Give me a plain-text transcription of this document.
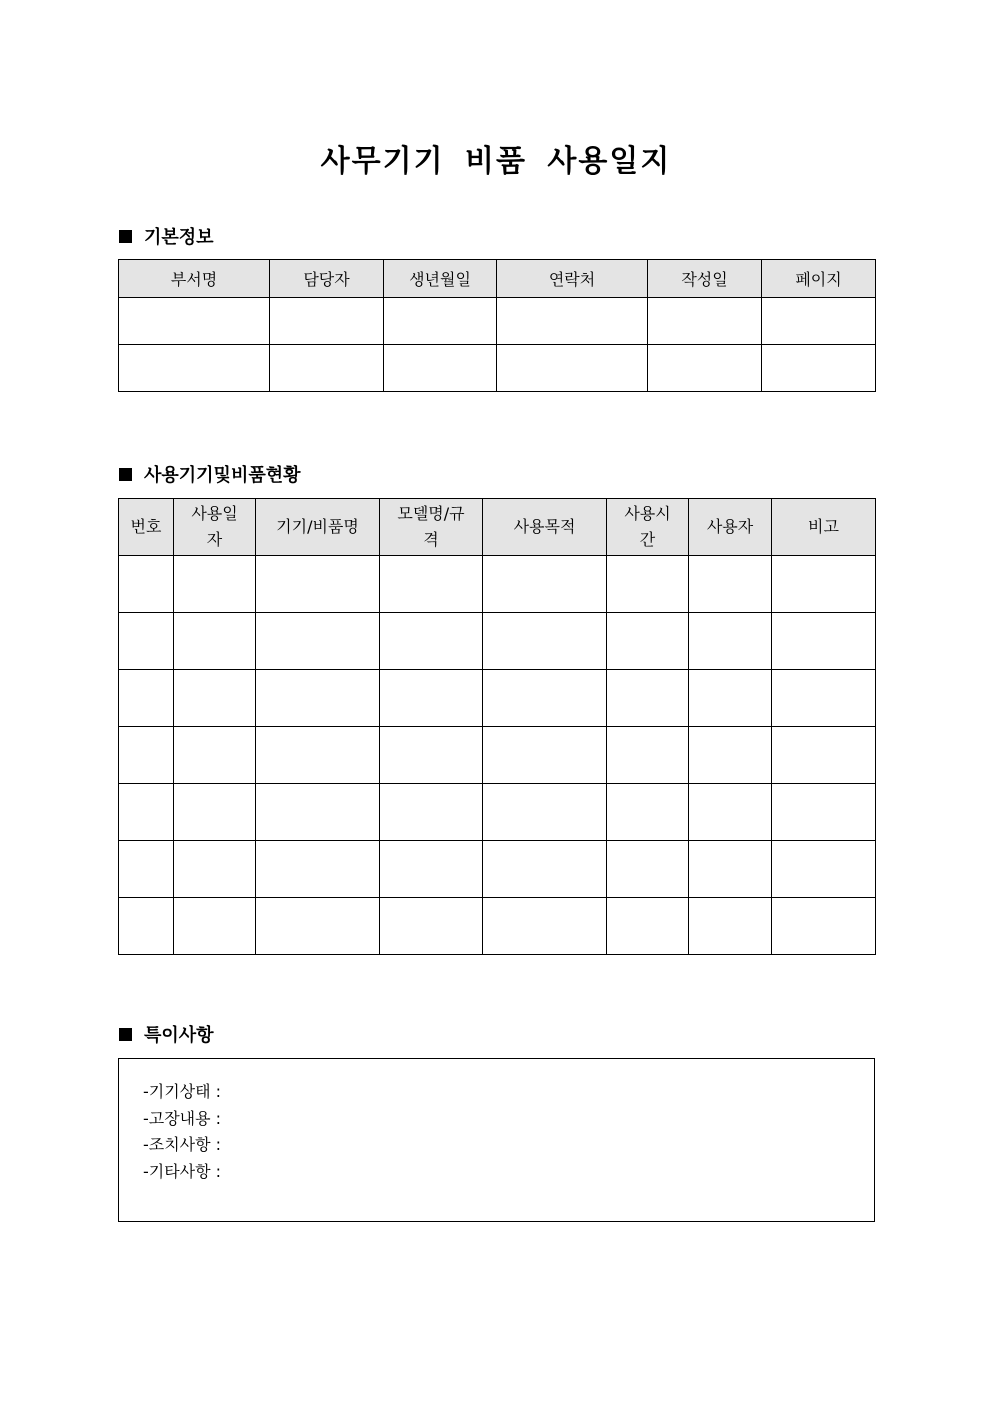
사무기기 비품 사용일지
기본정보
부서명	담당자	생년월일	연락처	작성일	페이지

사용기기및비품현황
번호	사용일자	기기/비품명	모델명/규격	사용목적	사용시간	사용자	비고

특이사항
-기기상태 :
-고장내용 :
-조치사항 :
-기타사항 :
